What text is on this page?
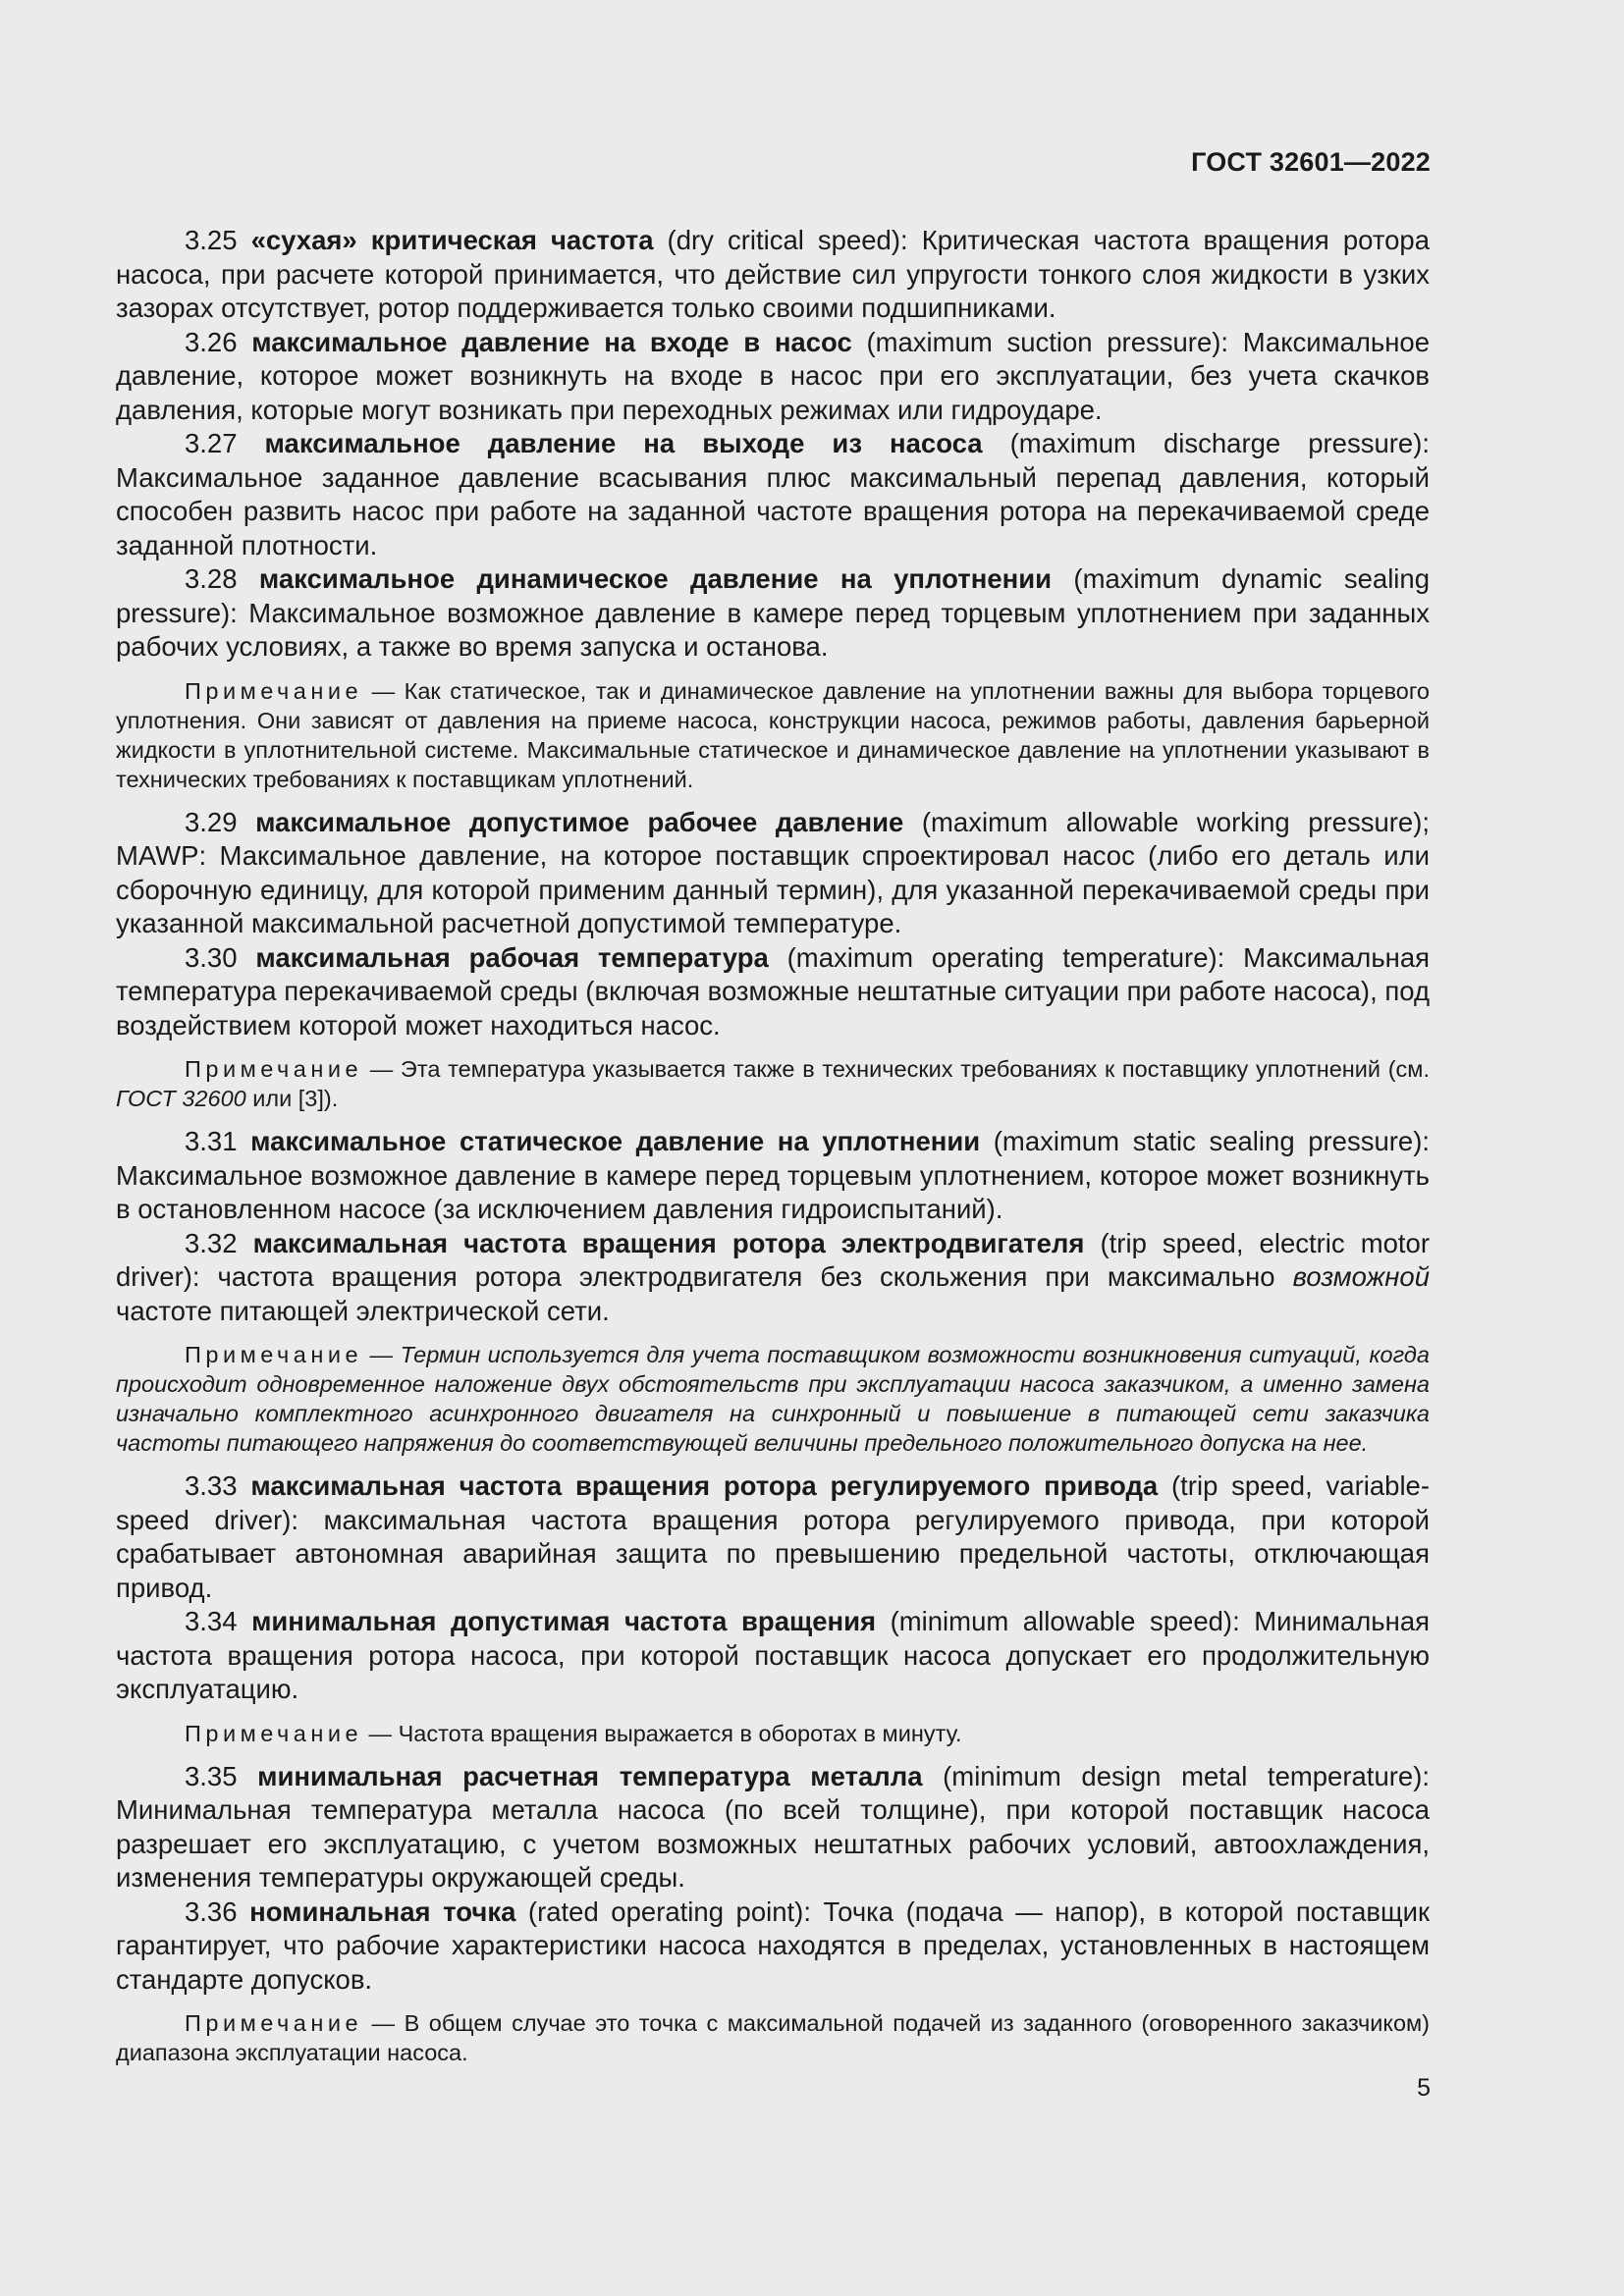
ГОСТ 32601—2022

3.25 «сухая» критическая частота (dry critical speed): Критическая частота вращения ротора насоса, при расчете которой принимается, что действие сил упругости тонкого слоя жидкости в узких зазорах отсутствует, ротор поддерживается только своими подшипниками.

3.26 максимальное давление на входе в насос (maximum suction pressure): Максимальное давление, которое может возникнуть на входе в насос при его эксплуатации, без учета скачков давления, которые могут возникать при переходных режимах или гидроударе.

3.27 максимальное давление на выходе из насоса (maximum discharge pressure): Максимальное заданное давление всасывания плюс максимальный перепад давления, который способен развить насос при работе на заданной частоте вращения ротора на перекачиваемой среде заданной плотности.

3.28 максимальное динамическое давление на уплотнении (maximum dynamic sealing pressure): Максимальное возможное давление в камере перед торцевым уплотнением при заданных рабочих условиях, а также во время запуска и останова.

Примечание — Как статическое, так и динамическое давление на уплотнении важны для выбора торцевого уплотнения. Они зависят от давления на приеме насоса, конструкции насоса, режимов работы, давления барьерной жидкости в уплотнительной системе. Максимальные статическое и динамическое давление на уплотнении указывают в технических требованиях к поставщикам уплотнений.

3.29 максимальное допустимое рабочее давление (maximum allowable working pressure); MAWP: Максимальное давление, на которое поставщик спроектировал насос (либо его деталь или сборочную единицу, для которой применим данный термин), для указанной перекачиваемой среды при указанной максимальной расчетной допустимой температуре.

3.30 максимальная рабочая температура (maximum operating temperature): Максимальная температура перекачиваемой среды (включая возможные нештатные ситуации при работе насоса), под воздействием которой может находиться насос.

Примечание — Эта температура указывается также в технических требованиях к поставщику уплотнений (см. ГОСТ 32600 или [3]).

3.31 максимальное статическое давление на уплотнении (maximum static sealing pressure): Максимальное возможное давление в камере перед торцевым уплотнением, которое может возникнуть в остановленном насосе (за исключением давления гидроиспытаний).

3.32 максимальная частота вращения ротора электродвигателя (trip speed, electric motor driver): частота вращения ротора электродвигателя без скольжения при максимально возможной частоте питающей электрической сети.

Примечание — Термин используется для учета поставщиком возможности возникновения ситуаций, когда происходит одновременное наложение двух обстоятельств при эксплуатации насоса заказчиком, а именно замена изначально комплектного асинхронного двигателя на синхронный и повышение в питающей сети заказчика частоты питающего напряжения до соответствующей величины предельного положительного допуска на нее.

3.33 максимальная частота вращения ротора регулируемого привода (trip speed, variable-speed driver): максимальная частота вращения ротора регулируемого привода, при которой срабатывает автономная аварийная защита по превышению предельной частоты, отключающая привод.

3.34 минимальная допустимая частота вращения (minimum allowable speed): Минимальная частота вращения ротора насоса, при которой поставщик насоса допускает его продолжительную эксплуатацию.

Примечание — Частота вращения выражается в оборотах в минуту.

3.35 минимальная расчетная температура металла (minimum design metal temperature): Минимальная температура металла насоса (по всей толщине), при которой поставщик насоса разрешает его эксплуатацию, с учетом возможных нештатных рабочих условий, автоохлаждения, изменения температуры окружающей среды.

3.36 номинальная точка (rated operating point): Точка (подача — напор), в которой поставщик гарантирует, что рабочие характеристики насоса находятся в пределах, установленных в настоящем стандарте допусков.

Примечание — В общем случае это точка с максимальной подачей из заданного (оговоренного заказчиком) диапазона эксплуатации насоса.

5
